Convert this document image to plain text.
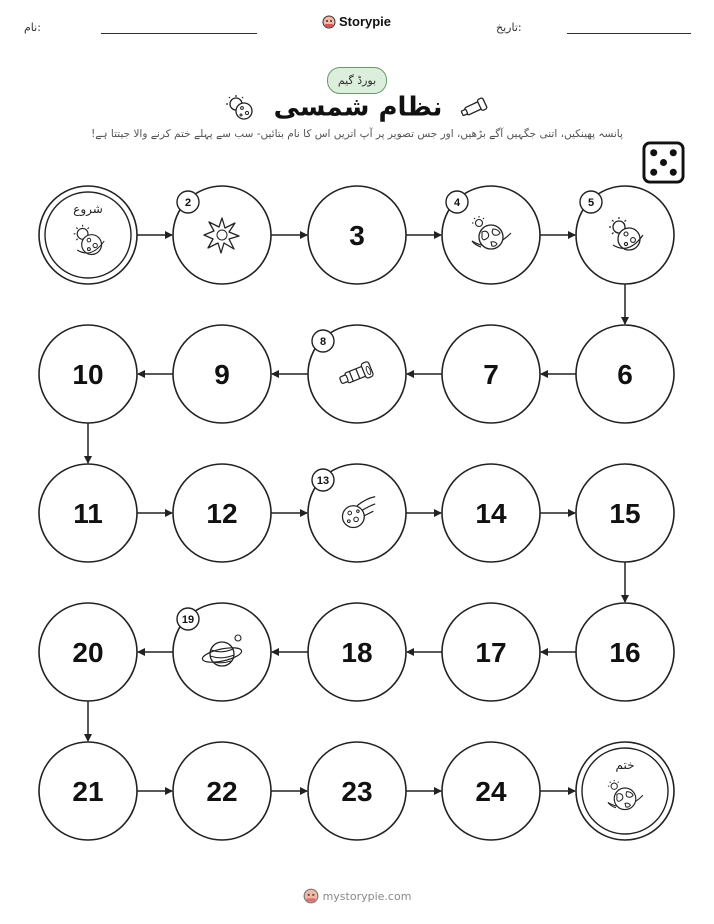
نام:	Storypie	تاریخ:
بورڈ گیم
نظام شمسی
پانسہ پھینکیں، اتنی جگہیں آگے بڑھیں، اور جس تصویر پر آپ اتریں اس کا نام بتائیں- سب سے پہلے ختم کرنے والا جیتتا ہے!
شروع	2
3
4	5
6
7
8
9
10
11	12
13
14	15
16
17
18
19
20
21	22	23	24
ختم
mystorypie.com
